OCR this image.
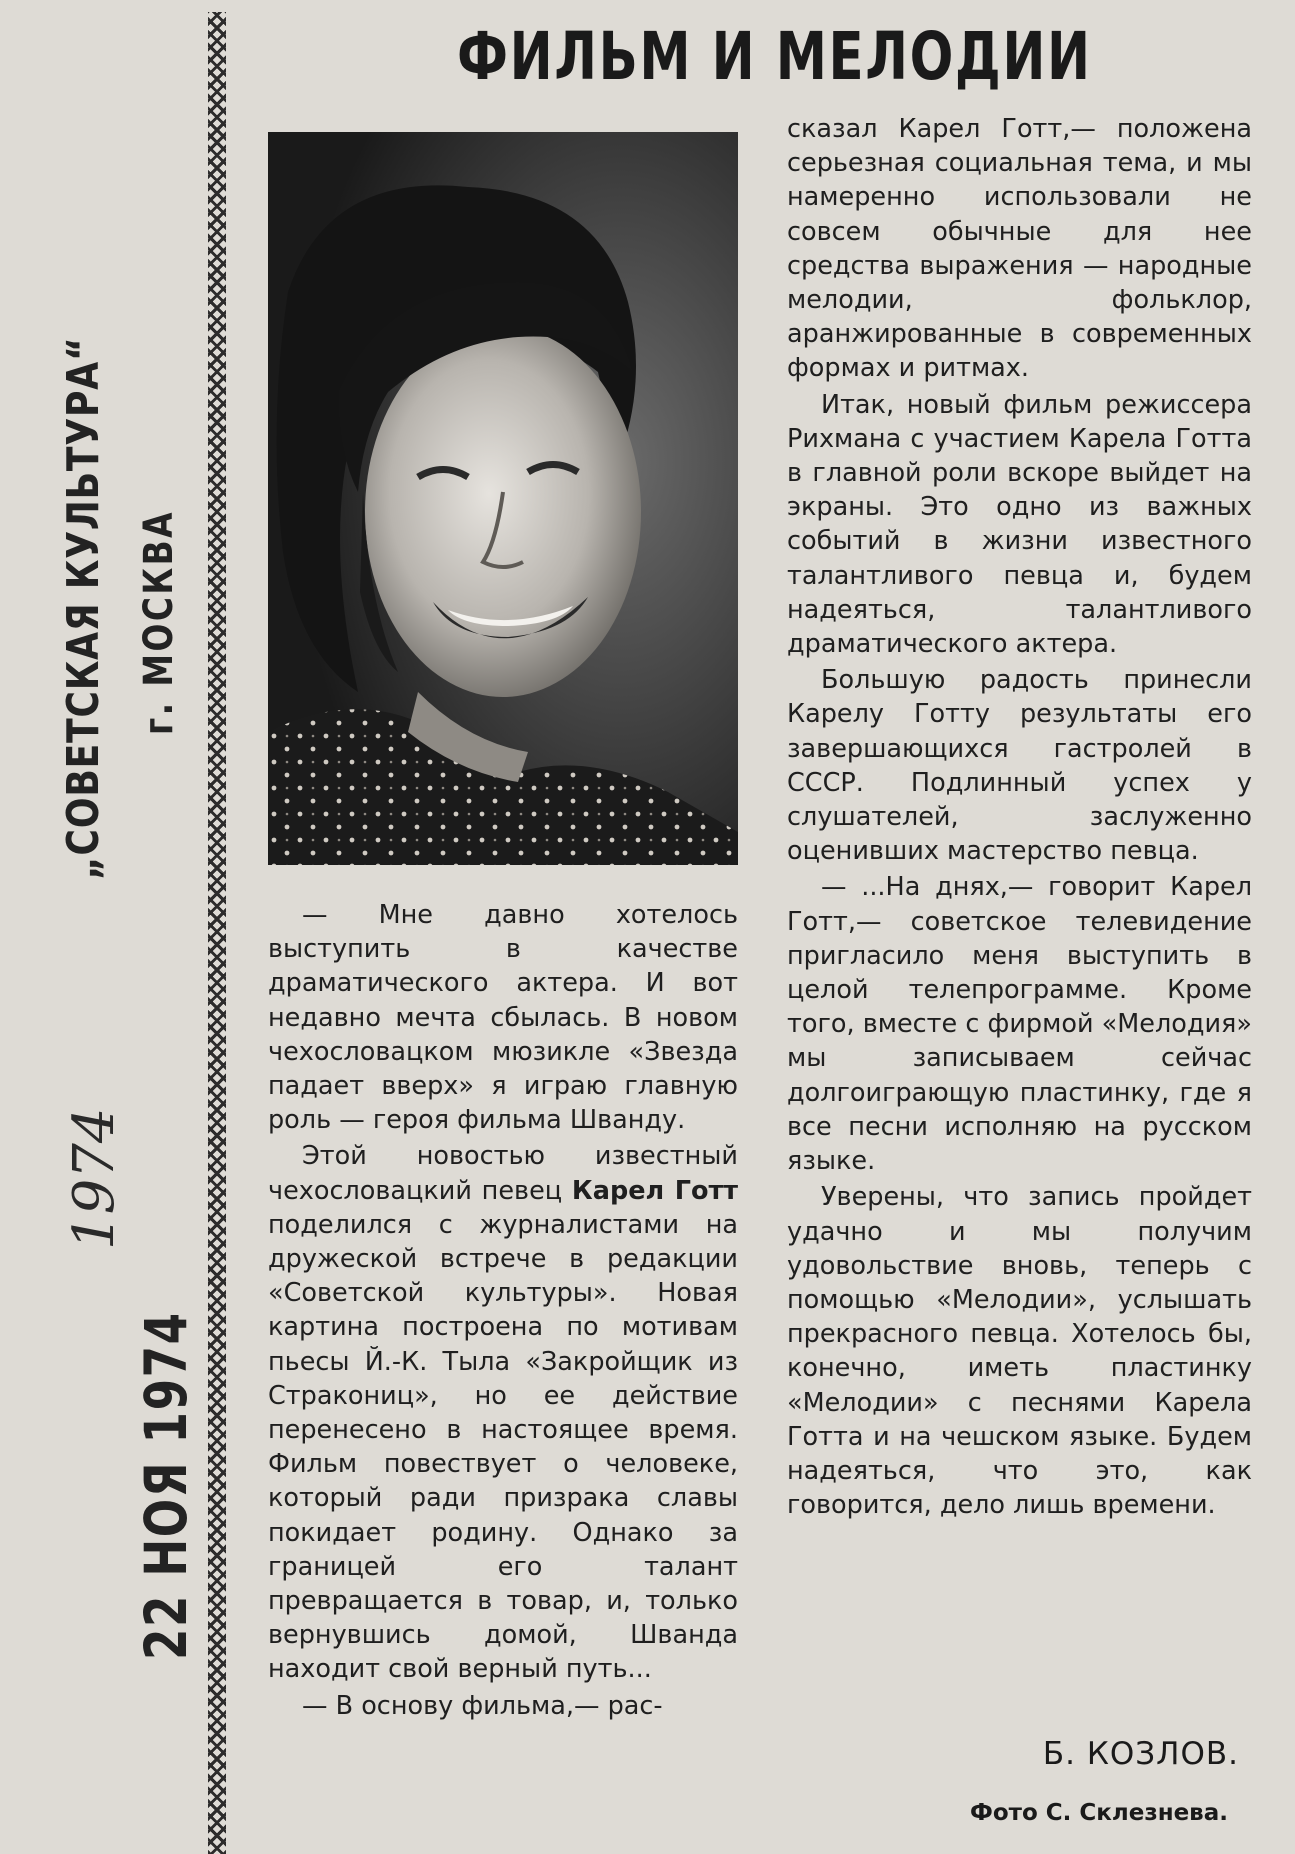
„СОВЕТСКАЯ КУЛЬТУРА“ г. МОСКВА
1974
22 НОЯ 1974
ФИЛЬМ И МЕЛОДИИ

— Мне давно хотелось выступить в качестве драматического актера. И вот недавно мечта сбылась. В новом чехословацком мюзикле «Звезда падает вверх» я играю главную роль — героя фильма Шванду.

Этой новостью известный чехословацкий певец Карел Готт поделился с журналистами на дружеской встрече в редакции «Советской культуры». Новая картина построена по мотивам пьесы Й.-К. Тыла «Закройщик из Стракониц», но ее действие перенесено в настоящее время. Фильм повествует о человеке, который ради призрака славы покидает родину. Однако за границей его талант превращается в товар, и, только вернувшись домой, Шванда находит свой верный путь...

— В основу фильма,— рас-

сказал Карел Готт,— положена серьезная социальная тема, и мы намеренно использовали не совсем обычные для нее средства выражения — народные мелодии, фольклор, аранжированные в современных формах и ритмах.

Итак, новый фильм режиссера Рихмана с участием Карела Готта в главной роли вскоре выйдет на экраны. Это одно из важных событий в жизни известного талантливого певца и, будем надеяться, талантливого драматического актера.

Большую радость принесли Карелу Готту результаты его завершающихся гастролей в СССР. Подлинный успех у слушателей, заслуженно оценивших мастерство певца.

— ...На днях,— говорит Карел Готт,— советское телевидение пригласило меня выступить в целой телепрограмме. Кроме того, вместе с фирмой «Мелодия» мы записываем сейчас долгоиграющую пластинку, где я все песни исполняю на русском языке.

Уверены, что запись пройдет удачно и мы получим удовольствие вновь, теперь с помощью «Мелодии», услышать прекрасного певца. Хотелось бы, конечно, иметь пластинку «Мелодии» с песнями Карела Готта и на чешском языке. Будем надеяться, что это, как говорится, дело лишь времени.

Б. КОЗЛОВ.
Фото С. Склезнева.
